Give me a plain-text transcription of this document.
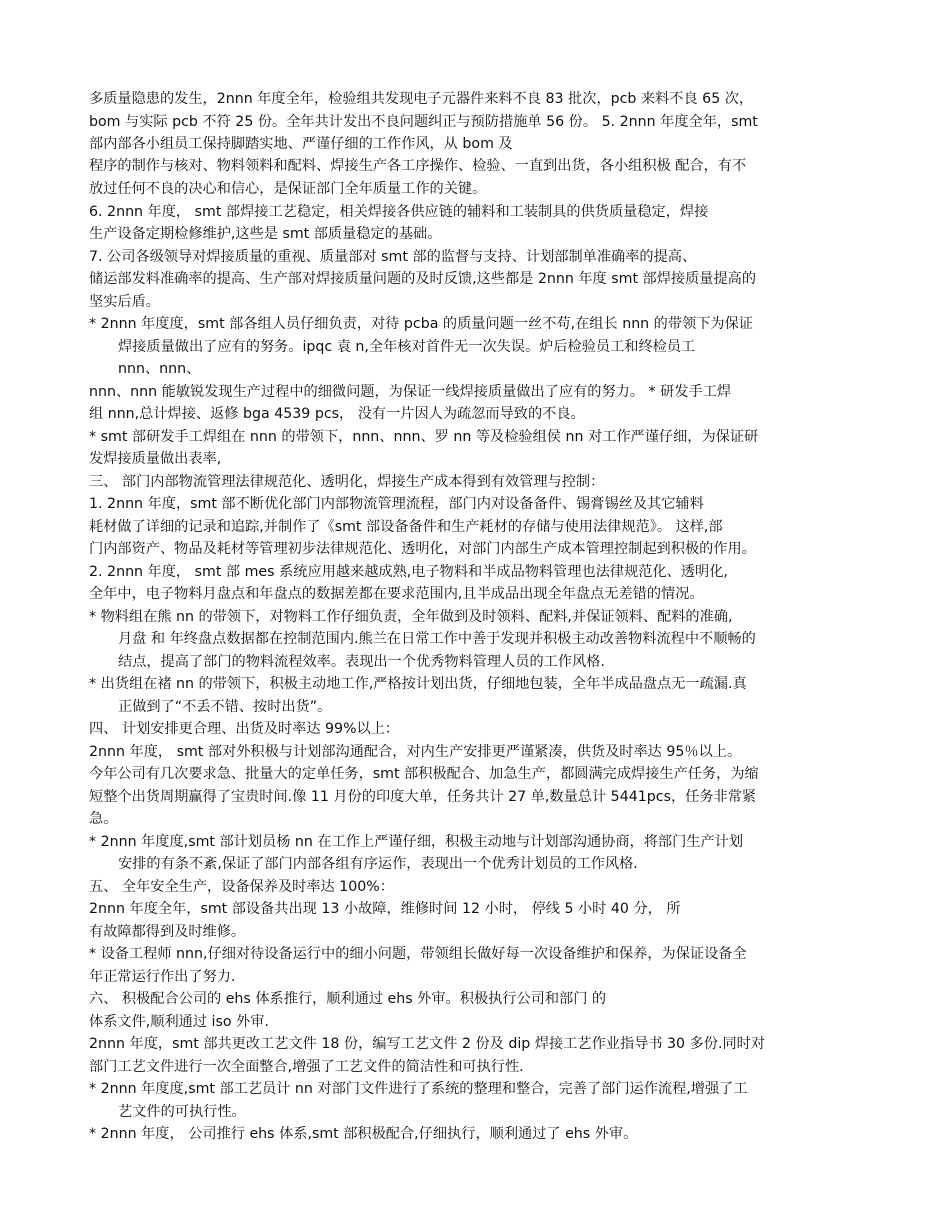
多质量隐患的发生，2nnn 年度全年，检验组共发现电子元器件来料不良 83 批次，pcb 来料不良 65 次，
bom 与实际 pcb 不符 25 份。全年共计发出不良问题纠正与预防措施单 56 份。 5. 2nnn 年度全年，smt
部内部各小组员工保持脚踏实地、严谨仔细的工作作风，从 bom 及
程序的制作与核对、物料领料和配料、焊接生产各工序操作、检验、一直到出货，各小组积极 配合，有不
放过任何不良的决心和信心，是保证部门全年质量工作的关键。
6. 2nnn 年度， smt 部焊接工艺稳定，相关焊接各供应链的辅料和工装制具的供货质量稳定，焊接
生产设备定期检修维护,这些是 smt 部质量稳定的基础。
7. 公司各级领导对焊接质量的重视、质量部对 smt 部的监督与支持、计划部制单准确率的提高、
储运部发料准确率的提高、生产部对焊接质量问题的及时反馈,这些都是 2nnn 年度 smt 部焊接质量提高的
坚实后盾。
* 2nnn 年度度，smt 部各组人员仔细负责，对待 pcba 的质量问题一丝不苟,在组长 nnn 的带领下为保证
焊接质量做出了应有的努务。ipqc 袁 n,全年核对首件无一次失误。炉后检验员工和终检员工
nnn、nnn、
nnn、nnn 能敏锐发现生产过程中的细微问题，为保证一线焊接质量做出了应有的努力。 * 研发手工焊
组 nnn,总计焊接、返修 bga 4539 pcs， 没有一片因人为疏忽而导致的不良。
* smt 部研发手工焊组在 nnn 的带领下，nnn、nnn、罗 nn 等及检验组侯 nn 对工作严谨仔细，为保证研
发焊接质量做出表率,
三、 部门内部物流管理法律规范化、透明化，焊接生产成本得到有效管理与控制：
1. 2nnn 年度，smt 部不断优化部门内部物流管理流程，部门内对设备备件、锡膏锡丝及其它辅料
耗材做了详细的记录和追踪,并制作了《smt 部设备备件和生产耗材的存储与使用法律规范》。 这样,部
门内部资产、物品及耗材等管理初步法律规范化、透明化，对部门内部生产成本管理控制起到积极的作用。
2. 2nnn 年度， smt 部 mes 系统应用越来越成熟,电子物料和半成品物料管理也法律规范化、透明化,
全年中，电子物料月盘点和年盘点的数据差都在要求范围内,且半成品出现全年盘点无差错的情况。
* 物料组在熊 nn 的带领下，对物料工作仔细负责，全年做到及时领料、配料,并保证领料、配料的准确,
月盘 和 年终盘点数据都在控制范围内.熊兰在日常工作中善于发现并积极主动改善物料流程中不顺畅的
结点，提高了部门的物料流程效率。表现出一个优秀物料管理人员的工作风格.
* 出货组在褚 nn 的带领下，积极主动地工作,严格按计划出货，仔细地包装，全年半成品盘点无一疏漏.真
正做到了“不丢不错、按时出货”。
四、 计划安排更合理、出货及时率达 99%以上：
2nnn 年度， smt 部对外积极与计划部沟通配合，对内生产安排更严谨紧凑，供货及时率达 95％以上。
今年公司有几次要求急、批量大的定单任务，smt 部积极配合、加急生产，都圆满完成焊接生产任务，为缩
短整个出货周期赢得了宝贵时间.像 11 月份的印度大单，任务共计 27 单,数量总计 5441pcs，任务非常紧
急。
* 2nnn 年度度,smt 部计划员杨 nn 在工作上严谨仔细，积极主动地与计划部沟通协商，将部门生产计划
安排的有条不紊,保证了部门内部各组有序运作，表现出一个优秀计划员的工作风格.
五、 全年安全生产，设备保养及时率达 100%：
2nnn 年度全年，smt 部设备共出现 13 小故障，维修时间 12 小时， 停线 5 小时 40 分， 所
有故障都得到及时维修。
* 设备工程师 nnn,仔细对待设备运行中的细小问题，带领组长做好每一次设备维护和保养，为保证设备全
年正常运行作出了努力.
六、 积极配合公司的 ehs 体系推行，顺利通过 ehs 外审。积极执行公司和部门 的
体系文件,顺利通过 iso 外审.
2nnn 年度，smt 部共更改工艺文件 18 份，编写工艺文件 2 份及 dip 焊接工艺作业指导书 30 多份.同时对
部门工艺文件进行一次全面整合,增强了工艺文件的简洁性和可执行性.
* 2nnn 年度度,smt 部工艺员计 nn 对部门文件进行了系统的整理和整合，完善了部门运作流程,增强了工
艺文件的可执行性。
* 2nnn 年度， 公司推行 ehs 体系,smt 部积极配合,仔细执行，顺利通过了 ehs 外审。
